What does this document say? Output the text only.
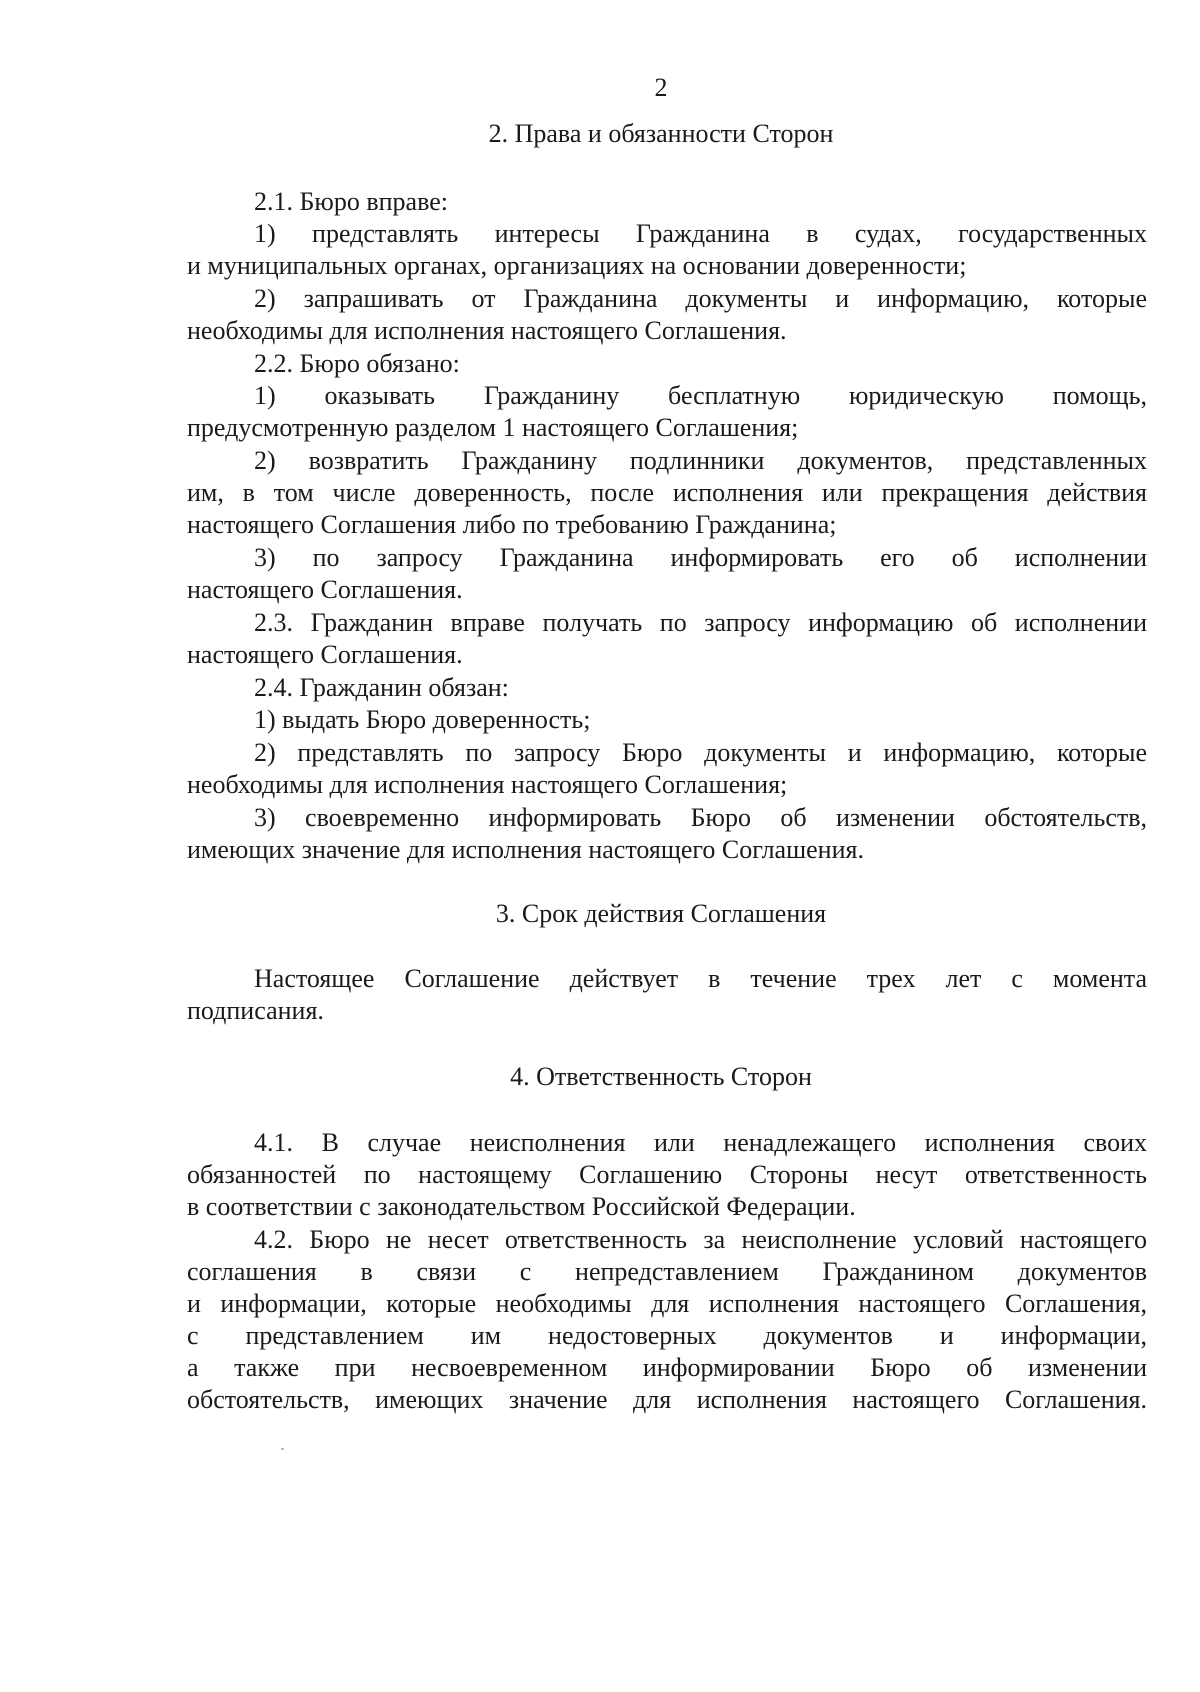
2
2. Права и обязанности Сторон
2.1. Бюро вправе:
1) представлять интересы Гражданина в судах, государственных
и муниципальных органах, организациях на основании доверенности;
2) запрашивать от Гражданина документы и информацию, которые
необходимы для исполнения настоящего Соглашения.
2.2. Бюро обязано:
1) оказывать Гражданину бесплатную юридическую помощь,
предусмотренную разделом 1 настоящего Соглашения;
2) возвратить Гражданину подлинники документов, представленных
им, в том числе доверенность, после исполнения или прекращения действия
настоящего Соглашения либо по требованию Гражданина;
3) по запросу Гражданина информировать его об исполнении
настоящего Соглашения.
2.3. Гражданин вправе получать по запросу информацию об исполнении
настоящего Соглашения.
2.4. Гражданин обязан:
1) выдать Бюро доверенность;
2) представлять по запросу Бюро документы и информацию, которые
необходимы для исполнения настоящего Соглашения;
3) своевременно информировать Бюро об изменении обстоятельств,
имеющих значение для исполнения настоящего Соглашения.
3. Срок действия Соглашения
Настоящее Соглашение действует в течение трех лет с момента
подписания.
4. Ответственность Сторон
4.1. В случае неисполнения или ненадлежащего исполнения своих
обязанностей по настоящему Соглашению Стороны несут ответственность
в соответствии с законодательством Российской Федерации.
4.2. Бюро не несет ответственность за неисполнение условий настоящего
соглашения в связи с непредставлением Гражданином документов
и информации, которые необходимы для исполнения настоящего Соглашения,
с представлением им недостоверных документов и информации,
а также при несвоевременном информировании Бюро об изменении
обстоятельств, имеющих значение для исполнения настоящего Соглашения.
